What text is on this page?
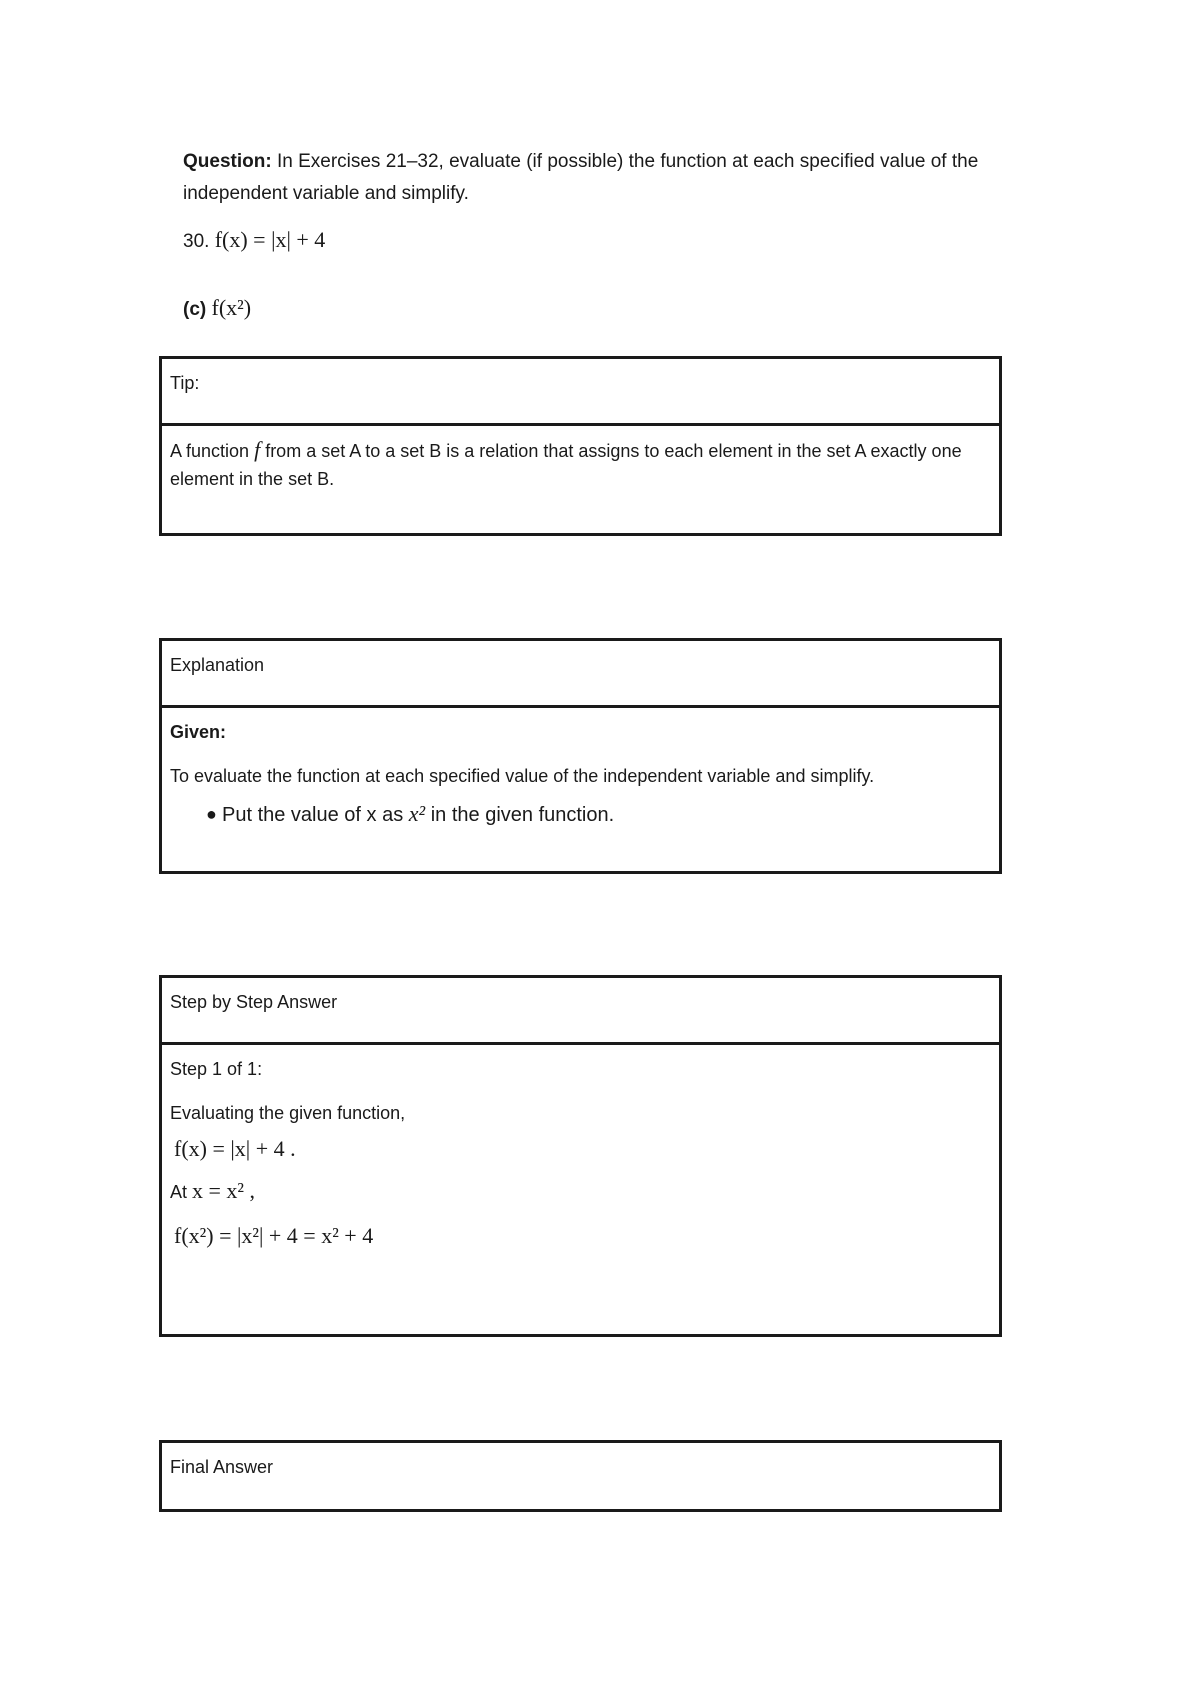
Question: In Exercises 21–32, evaluate (if possible) the function at each specified value of the
independent variable and simplify.
30. f(x) = |x| + 4
(c) f(x²)
Tip:
A function f from a set A to a set B is a relation that assigns to each element in the set A exactly one element in the set B.
Explanation
Given:
To evaluate the function at each specified value of the independent variable and simplify.
● Put the value of x as x² in the given function.
Step by Step Answer
Step 1 of 1:
Evaluating the given function,
f(x) = |x| + 4 .
At x = x² ,
f(x²) = |x²| + 4 = x² + 4
Final Answer
